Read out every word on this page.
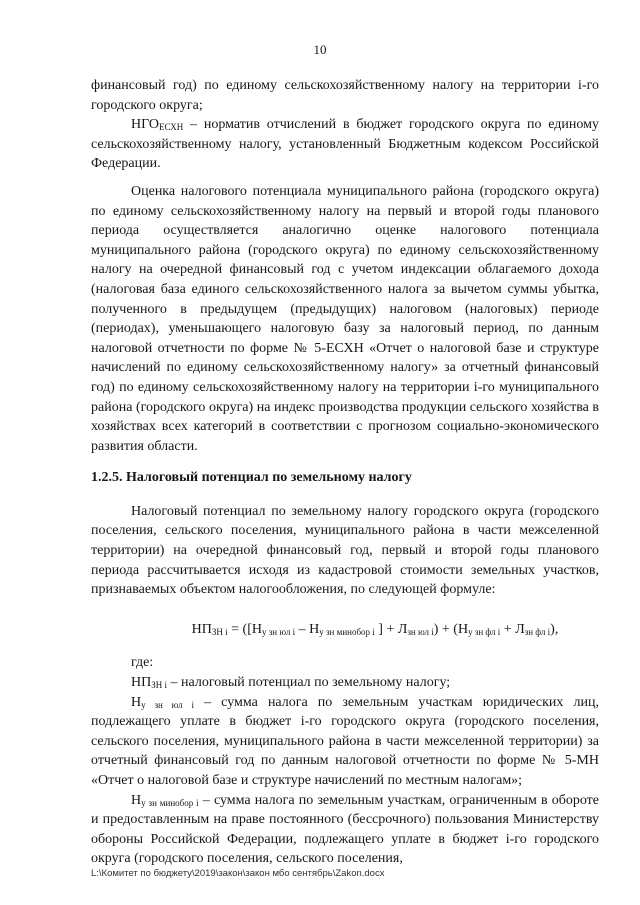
10

финансовый год) по единому сельскохозяйственному налогу на территории i-го городского округа;

$НГО_{ЕСХН}$ – норматив отчислений в бюджет городского округа по единому сельскохозяйственному налогу, установленный Бюджетным кодексом Российской Федерации.

Оценка налогового потенциала муниципального района (городского округа) по единому сельскохозяйственному налогу на первый и второй годы планового периода осуществляется аналогично оценке налогового потенциала муниципального района (городского округа) по единому сельскохозяйственному налогу на очередной финансовый год с учетом индексации облагаемого дохода (налоговая база единого сельскохозяйственного налога за вычетом суммы убытка, полученного в предыдущем (предыдущих) налоговом (налоговых) периоде (периодах), уменьшающего налоговую базу за налоговый период, по данным налоговой отчетности по форме № 5-ЕСХН «Отчет о налоговой базе и структуре начислений по единому сельскохозяйственному налогу» за отчетный финансовый год) по единому сельскохозяйственному налогу на территории i-го муниципального района (городского округа) на индекс производства продукции сельского хозяйства в хозяйствах всех категорий в соответствии с прогнозом социально-экономического развития области.

1.2.5. Налоговый потенциал по земельному налогу

Налоговый потенциал по земельному налогу городского округа (городского поселения, сельского поселения, муниципального района в части межселенной территории) на очередной финансовый год, первый и второй годы планового периода рассчитывается исходя из кадастровой стоимости земельных участков, признаваемых объектом налогообложения, по следующей формуле:

$НП_{ЗН i} = ([Н_{у зн юл i} - Н_{у зн минобор i}$ ] + $Л_{зн юл i}) + (Н_{у зн фл i} + Л_{зн фл i})$,

где:

$НП_{ЗН i}$ – налоговый потенциал по земельному налогу;

$Н_{у зн юл i}$ – сумма налога по земельным участкам юридических лиц, подлежащего уплате в бюджет i-го городского округа (городского поселения, сельского поселения, муниципального района в части межселенной территории) за отчетный финансовый год по данным налоговой отчетности по форме № 5-МН «Отчет о налоговой базе и структуре начислений по местным налогам»;

$Н_{у зн минобор i}$ – сумма налога по земельным участкам, ограниченным в обороте и предоставленным на праве постоянного (бессрочного) пользования Министерству обороны Российской Федерации, подлежащего уплате в бюджет i-го городского округа (городского поселения, сельского поселения,

L:\Комитет по бюджету\2019\закон\закон мбо сентябрь\Zakon.docx
